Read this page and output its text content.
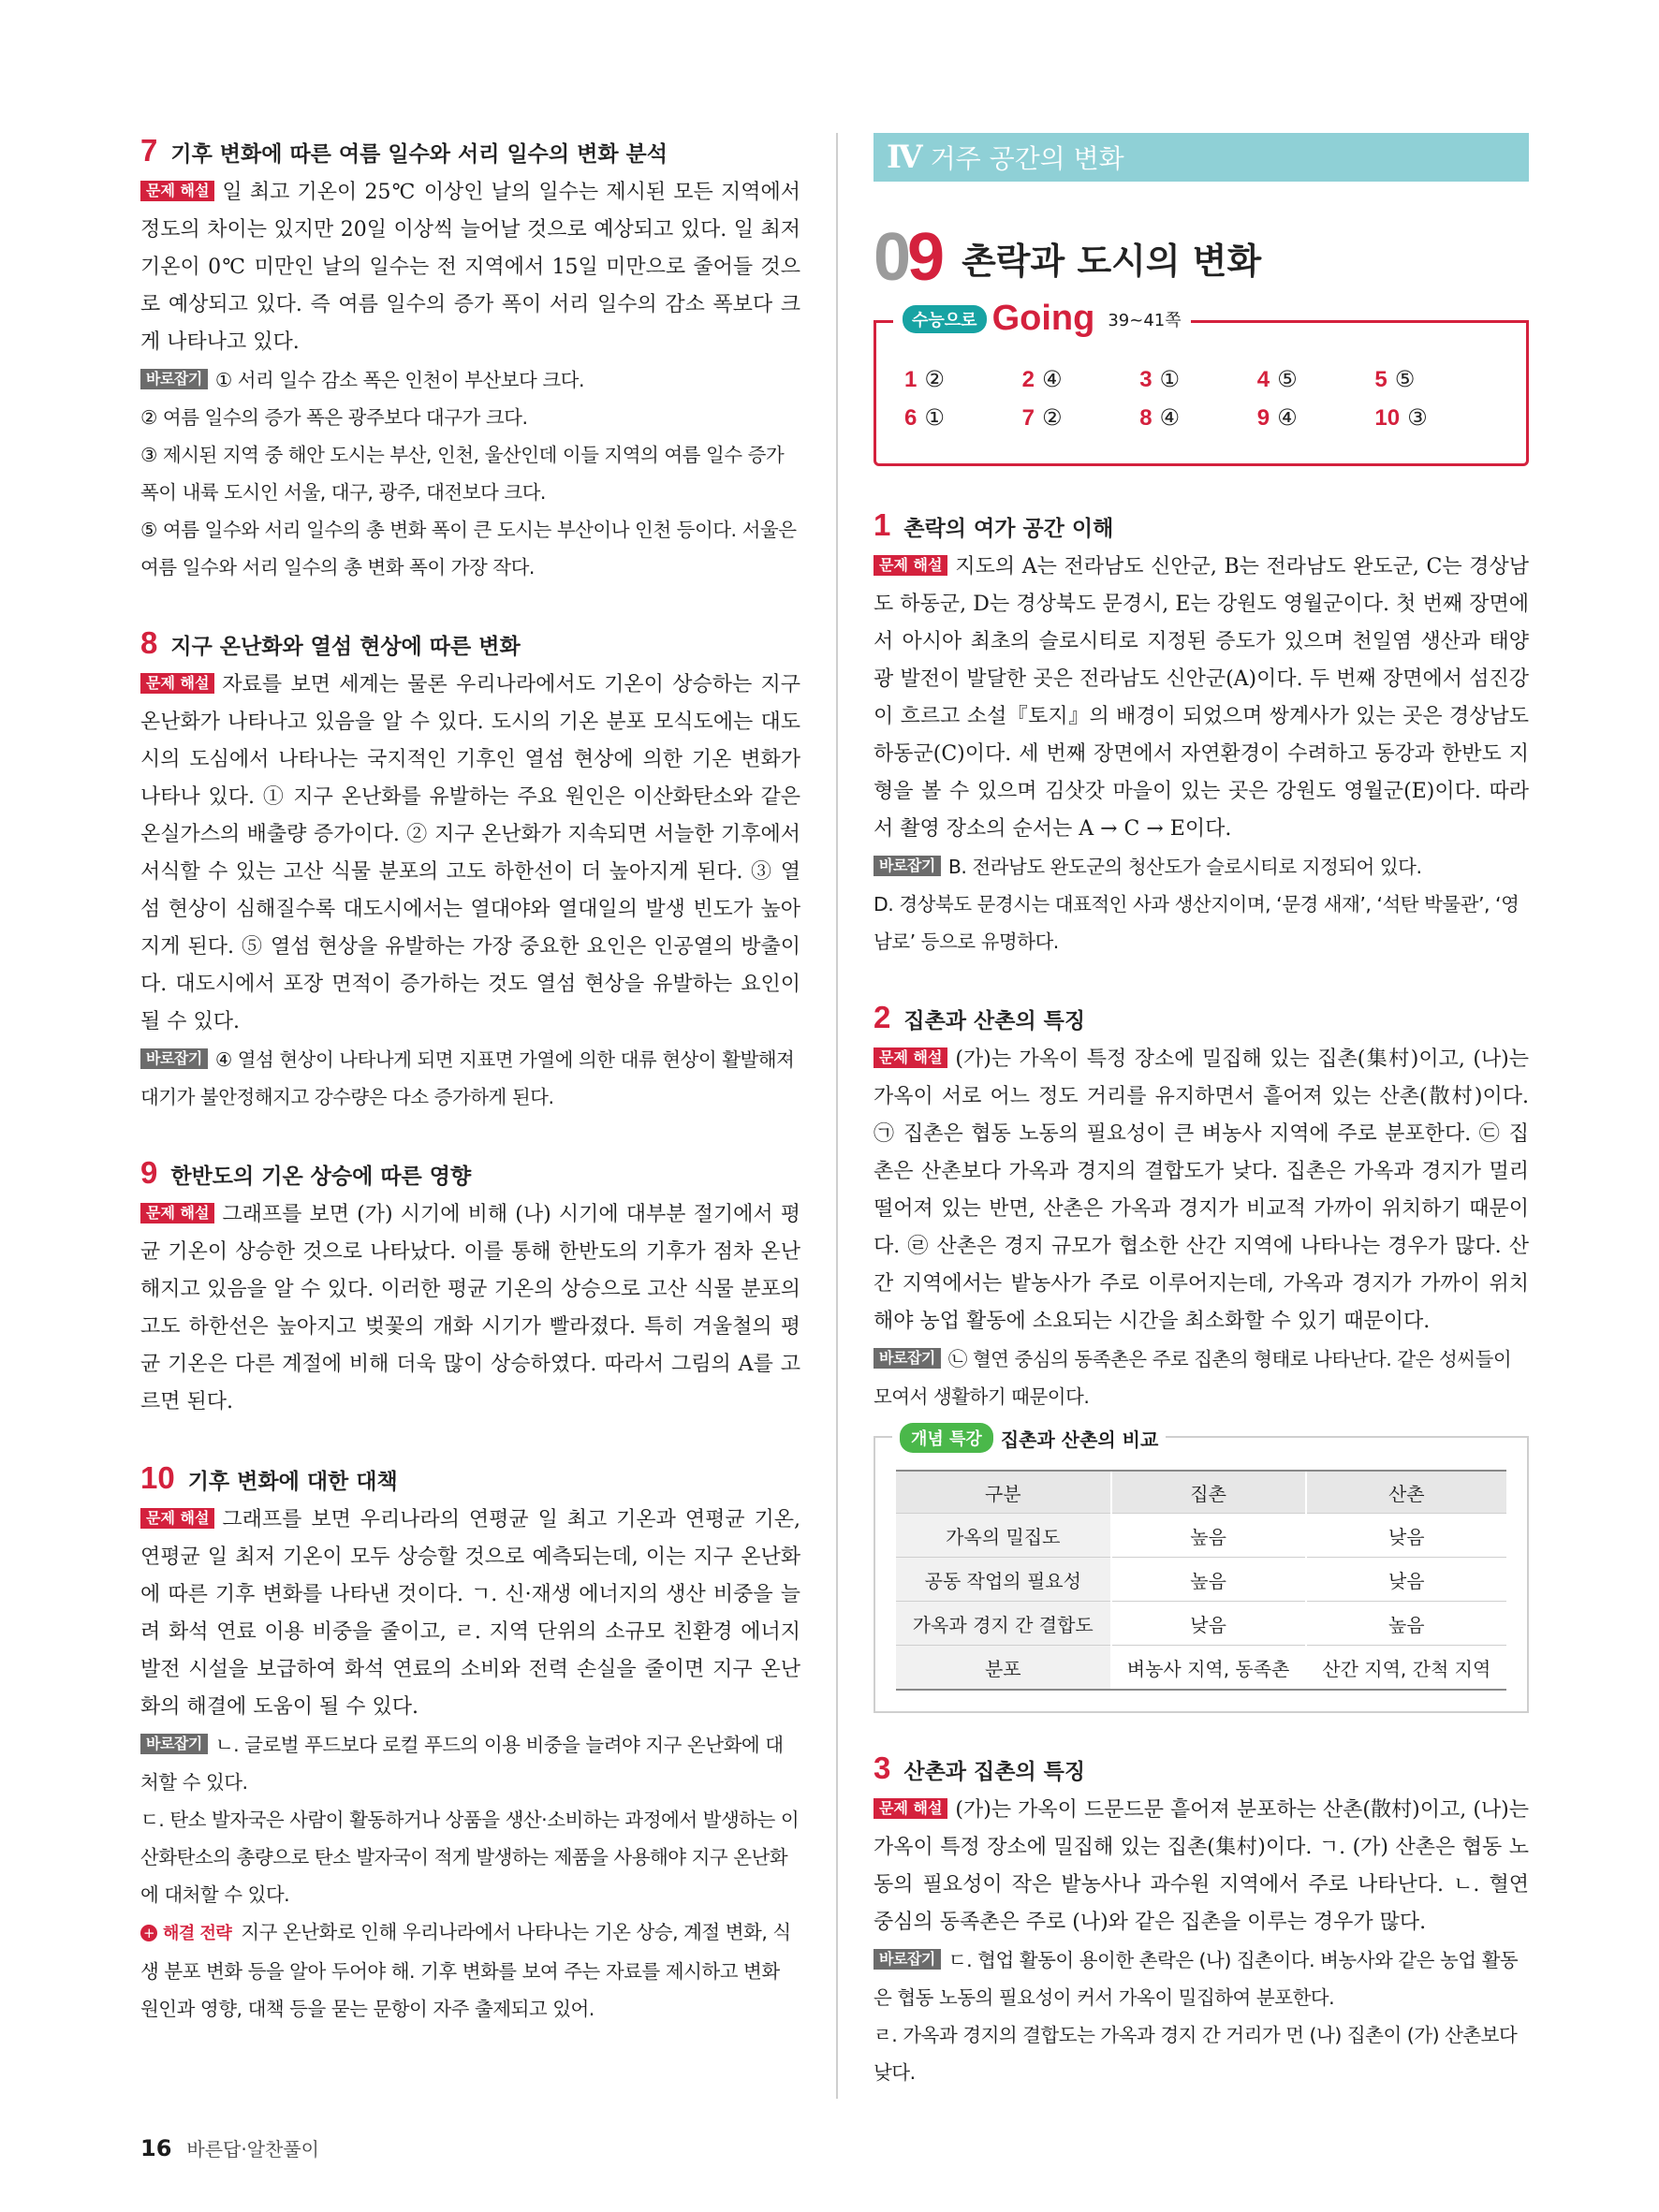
7 기후 변화에 따른 여름 일수와 서리 일수의 변화 분석

문제 해설 일 최고 기온이 25℃ 이상인 날의 일수는 제시된 모든 지역에서 정도의 차이는 있지만 20일 이상씩 늘어날 것으로 예상되고 있다. 일 최저 기온이 0℃ 미만인 날의 일수는 전 지역에서 15일 미만으로 줄어들 것으로 예상되고 있다. 즉 여름 일수의 증가 폭이 서리 일수의 감소 폭보다 크게 나타나고 있다.

바로잡기 ① 서리 일수 감소 폭은 인천이 부산보다 크다.

② 여름 일수의 증가 폭은 광주보다 대구가 크다.

③ 제시된 지역 중 해안 도시는 부산, 인천, 울산인데 이들 지역의 여름 일수 증가 폭이 내륙 도시인 서울, 대구, 광주, 대전보다 크다.

⑤ 여름 일수와 서리 일수의 총 변화 폭이 큰 도시는 부산이나 인천 등이다. 서울은 여름 일수와 서리 일수의 총 변화 폭이 가장 작다.

8 지구 온난화와 열섬 현상에 따른 변화

문제 해설 자료를 보면 세계는 물론 우리나라에서도 기온이 상승하는 지구 온난화가 나타나고 있음을 알 수 있다. 도시의 기온 분포 모식도에는 대도시의 도심에서 나타나는 국지적인 기후인 열섬 현상에 의한 기온 변화가 나타나 있다. ① 지구 온난화를 유발하는 주요 원인은 이산화탄소와 같은 온실가스의 배출량 증가이다. ② 지구 온난화가 지속되면 서늘한 기후에서 서식할 수 있는 고산 식물 분포의 고도 하한선이 더 높아지게 된다. ③ 열섬 현상이 심해질수록 대도시에서는 열대야와 열대일의 발생 빈도가 높아지게 된다. ⑤ 열섬 현상을 유발하는 가장 중요한 요인은 인공열의 방출이다. 대도시에서 포장 면적이 증가하는 것도 열섬 현상을 유발하는 요인이 될 수 있다.

바로잡기 ④ 열섬 현상이 나타나게 되면 지표면 가열에 의한 대류 현상이 활발해져 대기가 불안정해지고 강수량은 다소 증가하게 된다.

9 한반도의 기온 상승에 따른 영향

문제 해설 그래프를 보면 (가) 시기에 비해 (나) 시기에 대부분 절기에서 평균 기온이 상승한 것으로 나타났다. 이를 통해 한반도의 기후가 점차 온난해지고 있음을 알 수 있다. 이러한 평균 기온의 상승으로 고산 식물 분포의 고도 하한선은 높아지고 벚꽃의 개화 시기가 빨라졌다. 특히 겨울철의 평균 기온은 다른 계절에 비해 더욱 많이 상승하였다. 따라서 그림의 A를 고르면 된다.

10 기후 변화에 대한 대책

문제 해설 그래프를 보면 우리나라의 연평균 일 최고 기온과 연평균 기온, 연평균 일 최저 기온이 모두 상승할 것으로 예측되는데, 이는 지구 온난화에 따른 기후 변화를 나타낸 것이다. ㄱ. 신·재생 에너지의 생산 비중을 늘려 화석 연료 이용 비중을 줄이고, ㄹ. 지역 단위의 소규모 친환경 에너지 발전 시설을 보급하여 화석 연료의 소비와 전력 손실을 줄이면 지구 온난화의 해결에 도움이 될 수 있다.

바로잡기 ㄴ. 글로벌 푸드보다 로컬 푸드의 이용 비중을 늘려야 지구 온난화에 대처할 수 있다.

ㄷ. 탄소 발자국은 사람이 활동하거나 상품을 생산·소비하는 과정에서 발생하는 이산화탄소의 총량으로 탄소 발자국이 적게 발생하는 제품을 사용해야 지구 온난화에 대처할 수 있다.

+ 해결 전략 지구 온난화로 인해 우리나라에서 나타나는 기온 상승, 계절 변화, 식생 분포 변화 등을 알아 두어야 해. 기후 변화를 보여 주는 자료를 제시하고 변화 원인과 영향, 대책 등을 묻는 문항이 자주 출제되고 있어.

Ⅳ 거주 공간의 변화
09 촌락과 도시의 변화
수능으로 Going 39~41쪽
1 ②	2 ④	3 ①	4 ⑤	5 ⑤
6 ①	7 ②	8 ④	9 ④	10 ③
1 촌락의 여가 공간 이해

문제 해설 지도의 A는 전라남도 신안군, B는 전라남도 완도군, C는 경상남도 하동군, D는 경상북도 문경시, E는 강원도 영월군이다. 첫 번째 장면에서 아시아 최초의 슬로시티로 지정된 증도가 있으며 천일염 생산과 태양광 발전이 발달한 곳은 전라남도 신안군(A)이다. 두 번째 장면에서 섬진강이 흐르고 소설『토지』의 배경이 되었으며 쌍계사가 있는 곳은 경상남도 하동군(C)이다. 세 번째 장면에서 자연환경이 수려하고 동강과 한반도 지형을 볼 수 있으며 김삿갓 마을이 있는 곳은 강원도 영월군(E)이다. 따라서 촬영 장소의 순서는 A → C → E이다.

바로잡기 B. 전라남도 완도군의 청산도가 슬로시티로 지정되어 있다.

D. 경상북도 문경시는 대표적인 사과 생산지이며, ‘문경 새재’, ‘석탄 박물관’, ‘영남로’ 등으로 유명하다.

2 집촌과 산촌의 특징

문제 해설 (가)는 가옥이 특정 장소에 밀집해 있는 집촌(集村)이고, (나)는 가옥이 서로 어느 정도 거리를 유지하면서 흩어져 있는 산촌(散村)이다. ㉠ 집촌은 협동 노동의 필요성이 큰 벼농사 지역에 주로 분포한다. ㉢ 집촌은 산촌보다 가옥과 경지의 결합도가 낮다. 집촌은 가옥과 경지가 멀리 떨어져 있는 반면, 산촌은 가옥과 경지가 비교적 가까이 위치하기 때문이다. ㉣ 산촌은 경지 규모가 협소한 산간 지역에 나타나는 경우가 많다. 산간 지역에서는 밭농사가 주로 이루어지는데, 가옥과 경지가 가까이 위치해야 농업 활동에 소요되는 시간을 최소화할 수 있기 때문이다.

바로잡기 ㉡ 혈연 중심의 동족촌은 주로 집촌의 형태로 나타난다. 같은 성씨들이 모여서 생활하기 때문이다.

개념 특강	집촌과 산촌의 비교
구분	집촌	산촌
가옥의 밀집도	높음	낮음
공동 작업의 필요성	높음	낮음
가옥과 경지 간 결합도	낮음	높음
분포	벼농사 지역, 동족촌	산간 지역, 간척 지역
3 산촌과 집촌의 특징

문제 해설 (가)는 가옥이 드문드문 흩어져 분포하는 산촌(散村)이고, (나)는 가옥이 특정 장소에 밀집해 있는 집촌(集村)이다. ㄱ. (가) 산촌은 협동 노동의 필요성이 작은 밭농사나 과수원 지역에서 주로 나타난다. ㄴ. 혈연 중심의 동족촌은 주로 (나)와 같은 집촌을 이루는 경우가 많다.

바로잡기 ㄷ. 협업 활동이 용이한 촌락은 (나) 집촌이다. 벼농사와 같은 농업 활동은 협동 노동의 필요성이 커서 가옥이 밀집하여 분포한다.

ㄹ. 가옥과 경지의 결합도는 가옥과 경지 간 거리가 먼 (나) 집촌이 (가) 산촌보다 낮다.

16 바른답·알찬풀이
